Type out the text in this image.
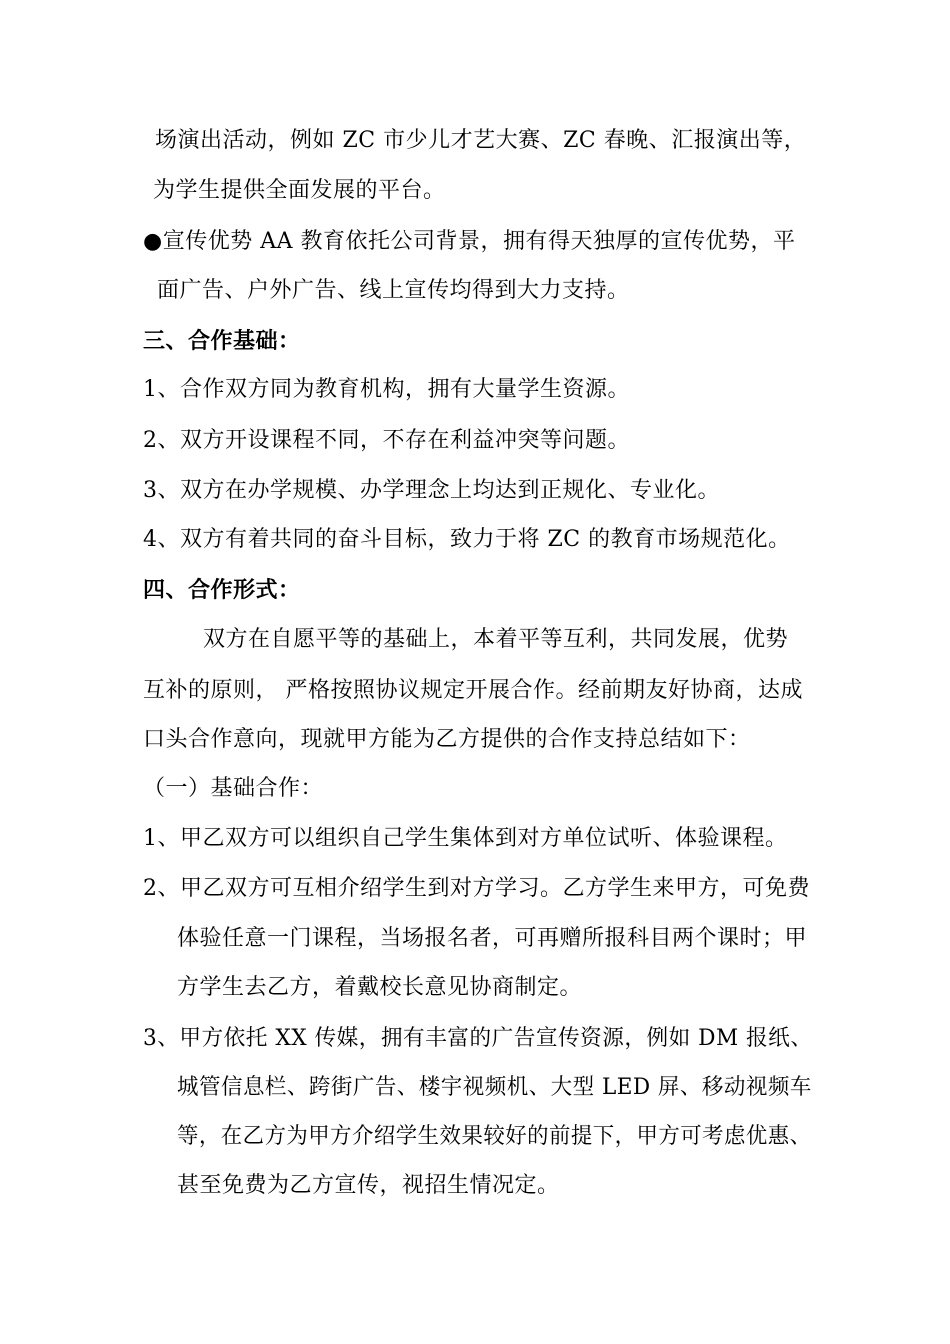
场演出活动，例如 ZC 市少儿才艺大赛、ZC 春晚、汇报演出等，
为学生提供全面发展的平台。
●宣传优势 AA 教育依托公司背景，拥有得天独厚的宣传优势，平
面广告、户外广告、线上宣传均得到大力支持。
三、合作基础：
1、合作双方同为教育机构，拥有大量学生资源。
2、双方开设课程不同，不存在利益冲突等问题。
3、双方在办学规模、办学理念上均达到正规化、专业化。
4、双方有着共同的奋斗目标，致力于将 ZC 的教育市场规范化。
四、合作形式：
双方在自愿平等的基础上，本着平等互利，共同发展，优势
互补的原则， 严格按照协议规定开展合作。经前期友好协商，达成
口头合作意向，现就甲方能为乙方提供的合作支持总结如下：
（一）基础合作：
1、甲乙双方可以组织自己学生集体到对方单位试听、体验课程。
2、甲乙双方可互相介绍学生到对方学习。乙方学生来甲方，可免费
体验任意一门课程，当场报名者，可再赠所报科目两个课时；甲
方学生去乙方，着戴校长意见协商制定。
3、甲方依托 XX 传媒，拥有丰富的广告宣传资源，例如 DM 报纸、
城管信息栏、跨街广告、楼宇视频机、大型 LED 屏、移动视频车
等，在乙方为甲方介绍学生效果较好的前提下，甲方可考虑优惠、
甚至免费为乙方宣传，视招生情况定。
